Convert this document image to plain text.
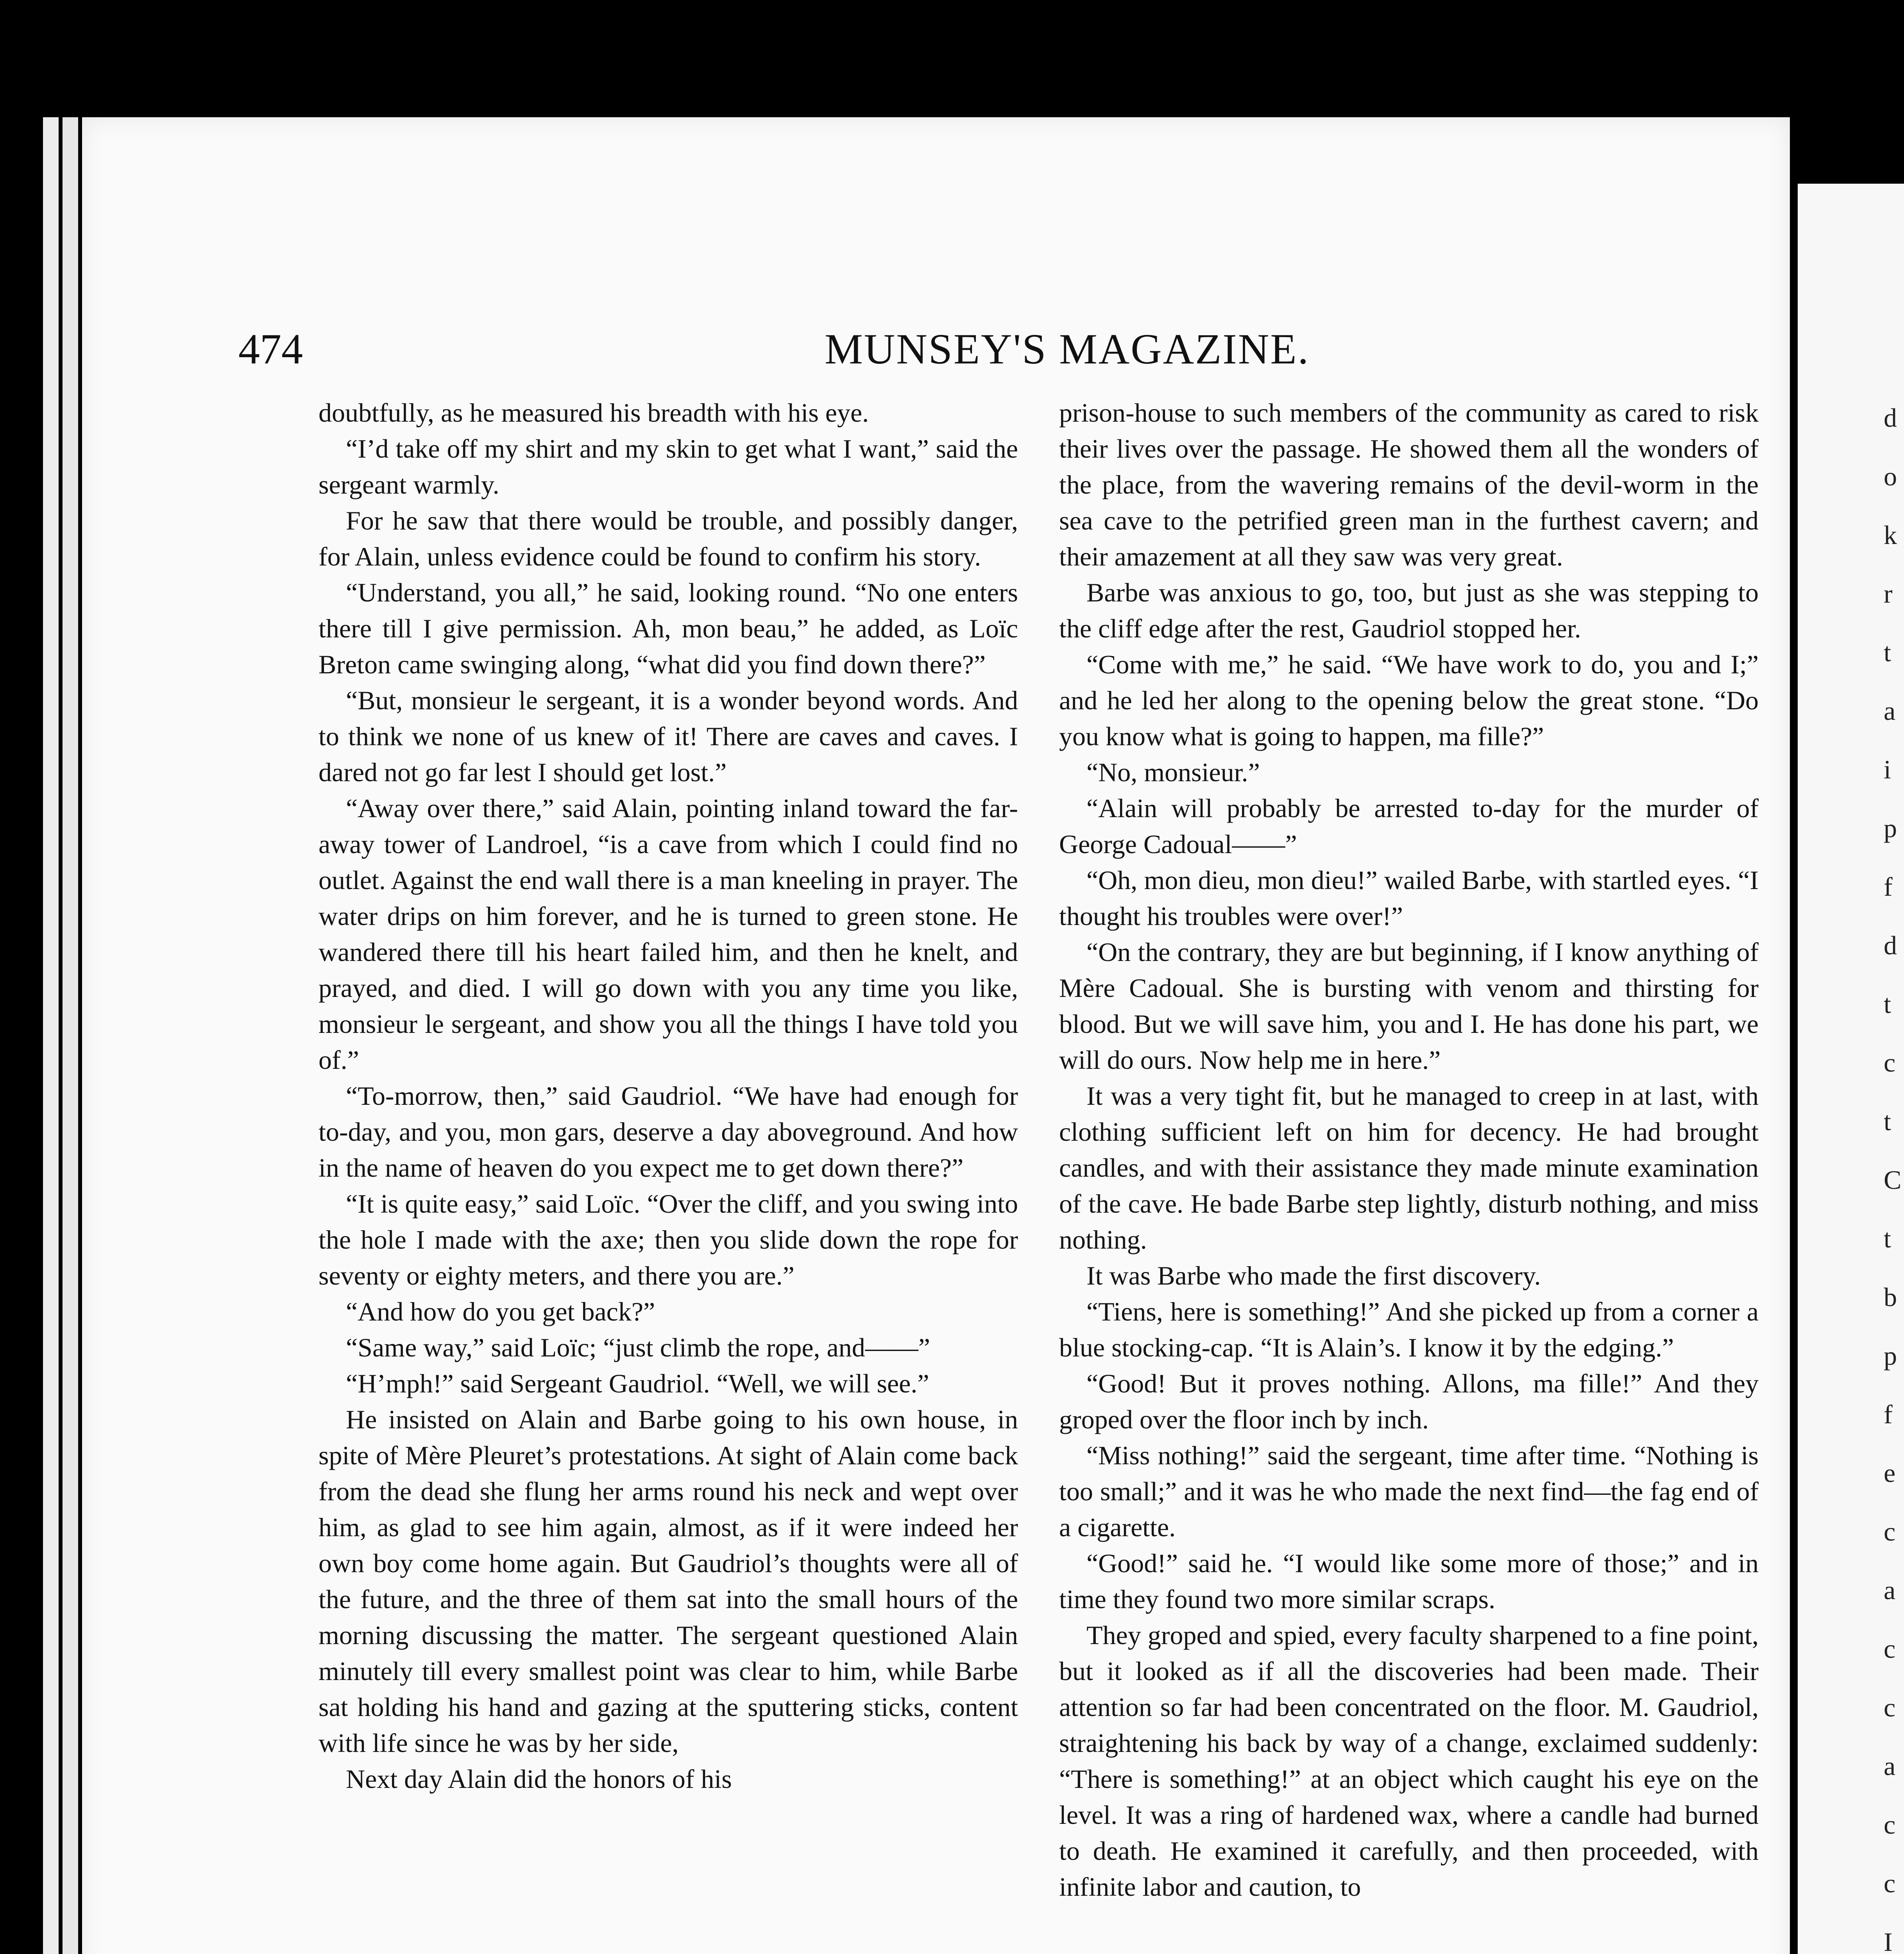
474	MUNSEY'S MAGAZINE.

doubtfully, as he measured his breadth with his eye.

“I’d take off my shirt and my skin to get what I want,” said the sergeant warmly.

For he saw that there would be trouble, and possibly danger, for Alain, unless evidence could be found to confirm his story.

“Understand, you all,” he said, looking round. “No one enters there till I give permission. Ah, mon beau,” he added, as Loïc Breton came swinging along, “what did you find down there?”

“But, monsieur le sergeant, it is a wonder beyond words. And to think we none of us knew of it! There are caves and caves. I dared not go far lest I should get lost.”

“Away over there,” said Alain, pointing inland toward the far-away tower of Landroel, “is a cave from which I could find no outlet. Against the end wall there is a man kneeling in prayer. The water drips on him forever, and he is turned to green stone. He wandered there till his heart failed him, and then he knelt, and prayed, and died. I will go down with you any time you like, monsieur le sergeant, and show you all the things I have told you of.”

“To-morrow, then,” said Gaudriol. “We have had enough for to-day, and you, mon gars, deserve a day aboveground. And how in the name of heaven do you expect me to get down there?”

“It is quite easy,” said Loïc. “Over the cliff, and you swing into the hole I made with the axe; then you slide down the rope for seventy or eighty meters, and there you are.”

“And how do you get back?”

“Same way,” said Loïc; “just climb the rope, and——”

“H’mph!” said Sergeant Gaudriol. “Well, we will see.”

He insisted on Alain and Barbe going to his own house, in spite of Mère Pleuret’s protestations. At sight of Alain come back from the dead she flung her arms round his neck and wept over him, as glad to see him again, almost, as if it were indeed her own boy come home again. But Gaudriol’s thoughts were all of the future, and the three of them sat into the small hours of the morning discussing the matter. The sergeant questioned Alain minutely till every smallest point was clear to him, while Barbe sat holding his hand and gazing at the sputtering sticks, content with life since he was by her side,

Next day Alain did the honors of his

prison-house to such members of the community as cared to risk their lives over the passage. He showed them all the wonders of the place, from the wavering remains of the devil-worm in the sea cave to the petrified green man in the furthest cavern; and their amazement at all they saw was very great.

Barbe was anxious to go, too, but just as she was stepping to the cliff edge after the rest, Gaudriol stopped her.

“Come with me,” he said. “We have work to do, you and I;” and he led her along to the opening below the great stone. “Do you know what is going to happen, ma fille?”

“No, monsieur.”

“Alain will probably be arrested to-day for the murder of George Cadoual——”

“Oh, mon dieu, mon dieu!” wailed Barbe, with startled eyes. “I thought his troubles were over!”

“On the contrary, they are but beginning, if I know anything of Mère Cadoual. She is bursting with venom and thirsting for blood. But we will save him, you and I. He has done his part, we will do ours. Now help me in here.”

It was a very tight fit, but he managed to creep in at last, with clothing sufficient left on him for decency. He had brought candles, and with their assistance they made minute examination of the cave. He bade Barbe step lightly, disturb nothing, and miss nothing.

It was Barbe who made the first discovery.

“Tiens, here is something!” And she picked up from a corner a blue stocking-cap. “It is Alain’s. I know it by the edging.”

“Good! But it proves nothing. Allons, ma fille!” And they groped over the floor inch by inch.

“Miss nothing!” said the sergeant, time after time. “Nothing is too small;” and it was he who made the next find—the fag end of a cigarette.

“Good!” said he. “I would like some more of those;” and in time they found two more similar scraps.

They groped and spied, every faculty sharpened to a fine point, but it looked as if all the discoveries had been made. Their attention so far had been concentrated on the floor. M. Gaudriol, straightening his back by way of a change, exclaimed suddenly: “There is something!” at an object which caught his eye on the level. It was a ring of hardened wax, where a candle had burned to death. He examined it carefully, and then proceeded, with infinite labor and caution, to

d
o
k
r
t
a
i
p
f
d
t
c
t
C
t
b
p
f
e
c
a
c
c
a
c
c
I
